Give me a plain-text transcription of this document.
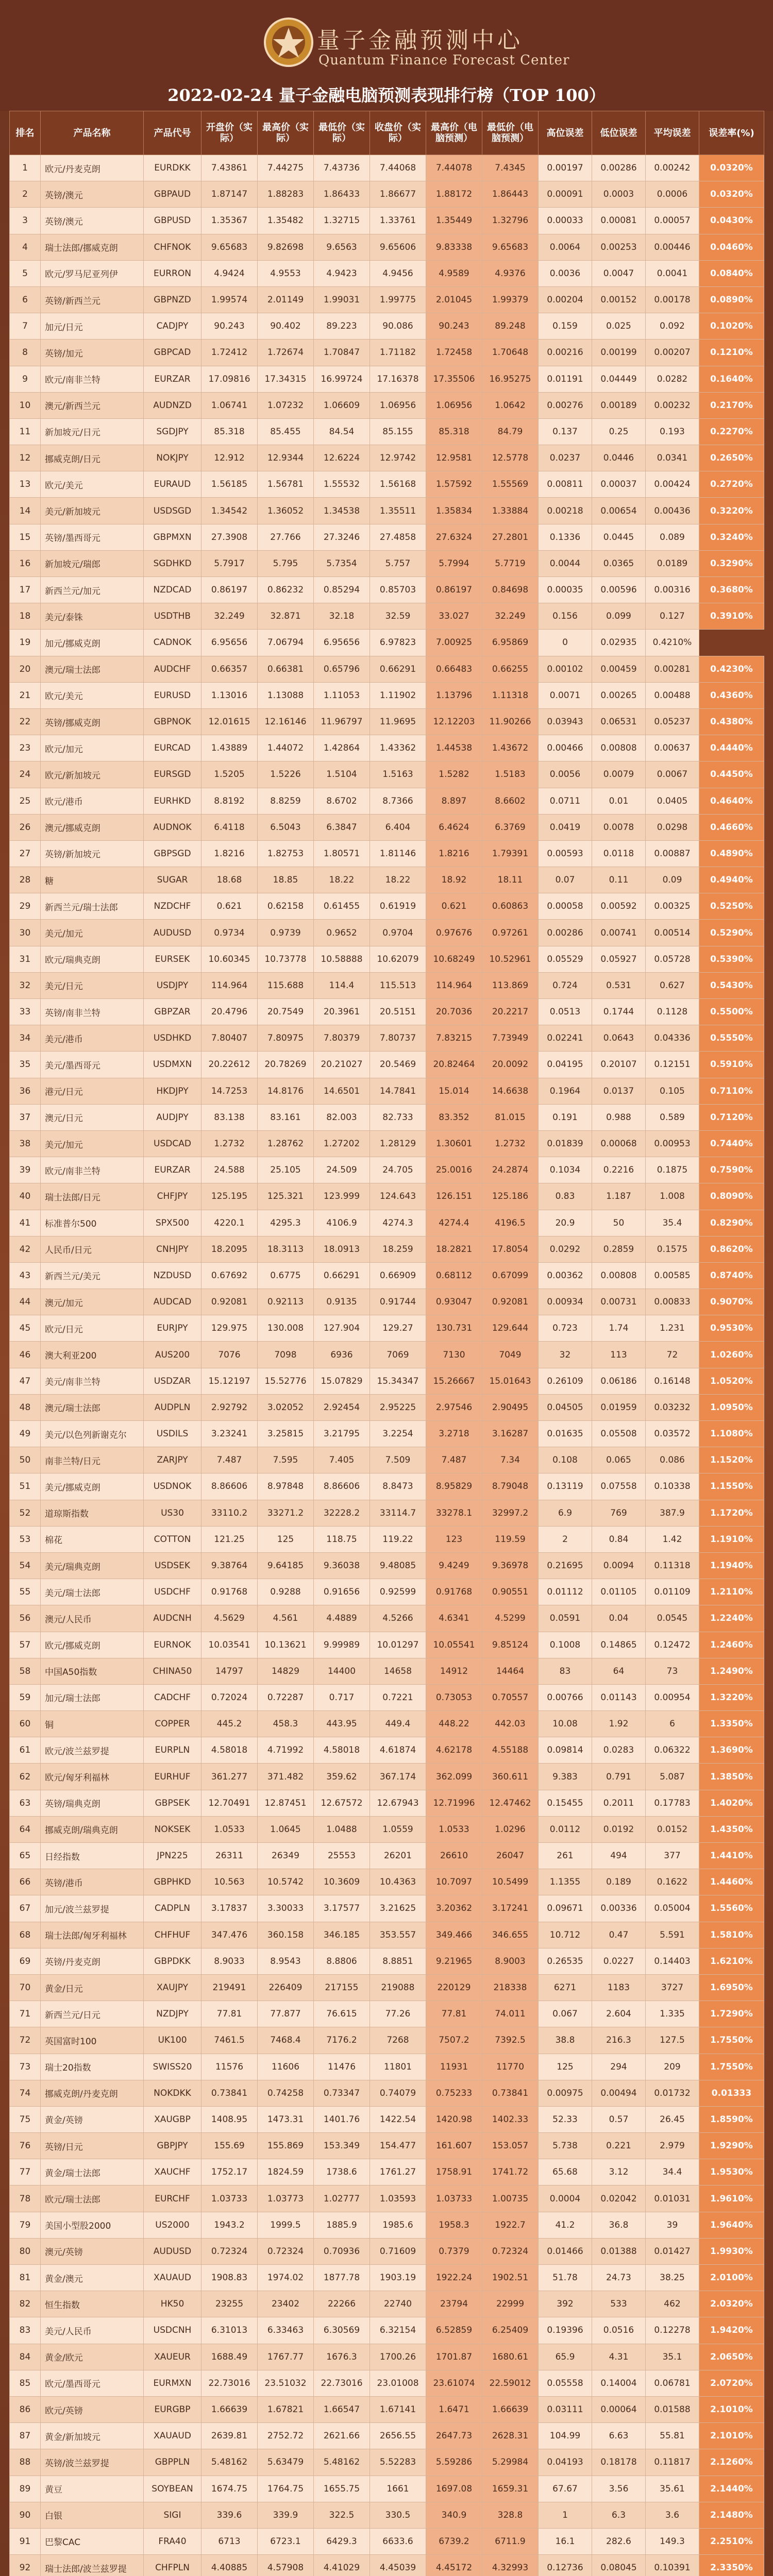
量子金融预测中心
Quantum Finance Forecast Center
2022-02-24 量子金融电脑预测表现排行榜（TOP 100）
排名	产品名称	产品代号	开盘价（实际）	最高价（实际）	最低价（实际）	收盘价（实际）	最高价（电脑预测）	最低价（电脑预测）	高位误差	低位误差	平均误差	误差率(%)
1	欧元/丹麦克朗	EURDKK	7.43861	7.44275	7.43736	7.44068	7.44078	7.4345	0.00197	0.00286	0.00242	0.0320%
2	英镑/澳元	GBPAUD	1.87147	1.88283	1.86433	1.86677	1.88172	1.86443	0.00091	0.0003	0.0006	0.0320%
3	英镑/澳元	GBPUSD	1.35367	1.35482	1.32715	1.33761	1.35449	1.32796	0.00033	0.00081	0.00057	0.0430%
4	瑞士法郎/挪威克朗	CHFNOK	9.65683	9.82698	9.6563	9.65606	9.83338	9.65683	0.0064	0.00253	0.00446	0.0460%
5	欧元/罗马尼亚列伊	EURRON	4.9424	4.9553	4.9423	4.9456	4.9589	4.9376	0.0036	0.0047	0.0041	0.0840%
6	英镑/新西兰元	GBPNZD	1.99574	2.01149	1.99031	1.99775	2.01045	1.99379	0.00204	0.00152	0.00178	0.0890%
7	加元/日元	CADJPY	90.243	90.402	89.223	90.086	90.243	89.248	0.159	0.025	0.092	0.1020%
8	英镑/加元	GBPCAD	1.72412	1.72674	1.70847	1.71182	1.72458	1.70648	0.00216	0.00199	0.00207	0.1210%
9	欧元/南非兰特	EURZAR	17.09816	17.34315	16.99724	17.16378	17.35506	16.95275	0.01191	0.04449	0.0282	0.1640%
10	澳元/新西兰元	AUDNZD	1.06741	1.07232	1.06609	1.06956	1.06956	1.0642	0.00276	0.00189	0.00232	0.2170%
11	新加坡元/日元	SGDJPY	85.318	85.455	84.54	85.155	85.318	84.79	0.137	0.25	0.193	0.2270%
12	挪威克朗/日元	NOKJPY	12.912	12.9344	12.6224	12.9742	12.9581	12.5778	0.0237	0.0446	0.0341	0.2650%
13	欧元/美元	EURAUD	1.56185	1.56781	1.55532	1.56168	1.57592	1.55569	0.00811	0.00037	0.00424	0.2720%
14	美元/新加坡元	USDSGD	1.34542	1.36052	1.34538	1.35511	1.35834	1.33884	0.00218	0.00654	0.00436	0.3220%
15	英镑/墨西哥元	GBPMXN	27.3908	27.766	27.3246	27.4858	27.6324	27.2801	0.1336	0.0445	0.089	0.3240%
16	新加坡元/瑞郎	SGDHKD	5.7917	5.795	5.7354	5.757	5.7994	5.7719	0.0044	0.0365	0.0189	0.3290%
17	新西兰元/加元	NZDCAD	0.86197	0.86232	0.85294	0.85703	0.86197	0.84698	0.00035	0.00596	0.00316	0.3680%
18	美元/泰铢	USDTHB	32.249	32.871	32.18	32.59	33.027	32.249	0.156	0.099	0.127	0.3910%
19	加元/挪威克朗	CADNOK	6.95656	7.06794	6.95656	6.97823	7.00925	6.95869	0	0.02935	0.4210%	
20	澳元/瑞士法郎	AUDCHF	0.66357	0.66381	0.65796	0.66291	0.66483	0.66255	0.00102	0.00459	0.00281	0.4230%
21	欧元/美元	EURUSD	1.13016	1.13088	1.11053	1.11902	1.13796	1.11318	0.0071	0.00265	0.00488	0.4360%
22	英镑/挪威克朗	GBPNOK	12.01615	12.16146	11.96797	11.9695	12.12203	11.90266	0.03943	0.06531	0.05237	0.4380%
23	欧元/加元	EURCAD	1.43889	1.44072	1.42864	1.43362	1.44538	1.43672	0.00466	0.00808	0.00637	0.4440%
24	欧元/新加坡元	EURSGD	1.5205	1.5226	1.5104	1.5163	1.5282	1.5183	0.0056	0.0079	0.0067	0.4450%
25	欧元/港币	EURHKD	8.8192	8.8259	8.6702	8.7366	8.897	8.6602	0.0711	0.01	0.0405	0.4640%
26	澳元/挪威克朗	AUDNOK	6.4118	6.5043	6.3847	6.404	6.4624	6.3769	0.0419	0.0078	0.0298	0.4660%
27	英镑/新加坡元	GBPSGD	1.8216	1.82753	1.80571	1.81146	1.8216	1.79391	0.00593	0.0118	0.00887	0.4890%
28	糖	SUGAR	18.68	18.85	18.22	18.22	18.92	18.11	0.07	0.11	0.09	0.4940%
29	新西兰元/瑞士法郎	NZDCHF	0.621	0.62158	0.61455	0.61919	0.621	0.60863	0.00058	0.00592	0.00325	0.5250%
30	美元/加元	AUDUSD	0.9734	0.9739	0.9652	0.9704	0.97676	0.97261	0.00286	0.00741	0.00514	0.5290%
31	欧元/瑞典克朗	EURSEK	10.60345	10.73778	10.58888	10.62079	10.68249	10.52961	0.05529	0.05927	0.05728	0.5390%
32	美元/日元	USDJPY	114.964	115.688	114.4	115.513	114.964	113.869	0.724	0.531	0.627	0.5430%
33	英镑/南非兰特	GBPZAR	20.4796	20.7549	20.3961	20.5151	20.7036	20.2217	0.0513	0.1744	0.1128	0.5500%
34	美元/港币	USDHKD	7.80407	7.80975	7.80379	7.80737	7.83215	7.73949	0.02241	0.0643	0.04336	0.5550%
35	美元/墨西哥元	USDMXN	20.22612	20.78269	20.21027	20.5469	20.82464	20.0092	0.04195	0.20107	0.12151	0.5910%
36	港元/日元	HKDJPY	14.7253	14.8176	14.6501	14.7841	15.014	14.6638	0.1964	0.0137	0.105	0.7110%
37	澳元/日元	AUDJPY	83.138	83.161	82.003	82.733	83.352	81.015	0.191	0.988	0.589	0.7120%
38	美元/加元	USDCAD	1.2732	1.28762	1.27202	1.28129	1.30601	1.2732	0.01839	0.00068	0.00953	0.7440%
39	欧元/南非兰特	EURZAR	24.588	25.105	24.509	24.705	25.0016	24.2874	0.1034	0.2216	0.1875	0.7590%
40	瑞士法郎/日元	CHFJPY	125.195	125.321	123.999	124.643	126.151	125.186	0.83	1.187	1.008	0.8090%
41	标准普尔500	SPX500	4220.1	4295.3	4106.9	4274.3	4274.4	4196.5	20.9	50	35.4	0.8290%
42	人民币/日元	CNHJPY	18.2095	18.3113	18.0913	18.259	18.2821	17.8054	0.0292	0.2859	0.1575	0.8620%
43	新西兰元/美元	NZDUSD	0.67692	0.6775	0.66291	0.66909	0.68112	0.67099	0.00362	0.00808	0.00585	0.8740%
44	澳元/加元	AUDCAD	0.92081	0.92113	0.9135	0.91744	0.93047	0.92081	0.00934	0.00731	0.00833	0.9070%
45	欧元/日元	EURJPY	129.975	130.008	127.904	129.27	130.731	129.644	0.723	1.74	1.231	0.9530%
46	澳大利亚200	AUS200	7076	7098	6936	7069	7130	7049	32	113	72	1.0260%
47	美元/南非兰特	USDZAR	15.12197	15.52776	15.07829	15.34347	15.26667	15.01643	0.26109	0.06186	0.16148	1.0520%
48	澳元/瑞士法郎	AUDPLN	2.92792	3.02052	2.92454	2.95225	2.97546	2.90495	0.04505	0.01959	0.03232	1.0950%
49	美元/以色列新谢克尔	USDILS	3.23241	3.25815	3.21795	3.2254	3.2718	3.16287	0.01635	0.05508	0.03572	1.1080%
50	南非兰特/日元	ZARJPY	7.487	7.595	7.405	7.509	7.487	7.34	0.108	0.065	0.086	1.1520%
51	美元/挪威克朗	USDNOK	8.86606	8.97848	8.86606	8.8473	8.95829	8.79048	0.13119	0.07558	0.10338	1.1550%
52	道琼斯指数	US30	33110.2	33271.2	32228.2	33114.7	33278.1	32997.2	6.9	769	387.9	1.1720%
53	棉花	COTTON	121.25	125	118.75	119.22	123	119.59	2	0.84	1.42	1.1910%
54	美元/瑞典克朗	USDSEK	9.38764	9.64185	9.36038	9.48085	9.4249	9.36978	0.21695	0.0094	0.11318	1.1940%
55	美元/瑞士法郎	USDCHF	0.91768	0.9288	0.91656	0.92599	0.91768	0.90551	0.01112	0.01105	0.01109	1.2110%
56	澳元/人民币	AUDCNH	4.5629	4.561	4.4889	4.5266	4.6341	4.5299	0.0591	0.04	0.0545	1.2240%
57	欧元/挪威克朗	EURNOK	10.03541	10.13621	9.99989	10.01297	10.05541	9.85124	0.1008	0.14865	0.12472	1.2460%
58	中国A50指数	CHINA50	14797	14829	14400	14658	14912	14464	83	64	73	1.2490%
59	加元/瑞士法郎	CADCHF	0.72024	0.72287	0.717	0.7221	0.73053	0.70557	0.00766	0.01143	0.00954	1.3220%
60	铜	COPPER	445.2	458.3	443.95	449.4	448.22	442.03	10.08	1.92	6	1.3350%
61	欧元/波兰兹罗提	EURPLN	4.58018	4.71992	4.58018	4.61874	4.62178	4.55188	0.09814	0.0283	0.06322	1.3690%
62	欧元/匈牙利福林	EURHUF	361.277	371.482	359.62	367.174	362.099	360.611	9.383	0.791	5.087	1.3850%
63	英镑/瑞典克朗	GBPSEK	12.70491	12.87451	12.67572	12.67943	12.71996	12.47462	0.15455	0.2011	0.17783	1.4020%
64	挪威克朗/瑞典克朗	NOKSEK	1.0533	1.0645	1.0488	1.0559	1.0533	1.0296	0.0112	0.0192	0.0152	1.4350%
65	日经指数	JPN225	26311	26349	25553	26201	26610	26047	261	494	377	1.4410%
66	英镑/港币	GBPHKD	10.563	10.5742	10.3609	10.4363	10.7097	10.5499	1.1355	0.189	0.1622	1.4460%
67	加元/波兰兹罗提	CADPLN	3.17837	3.30033	3.17577	3.21625	3.20362	3.17241	0.09671	0.00336	0.05004	1.5560%
68	瑞士法郎/匈牙利福林	CHFHUF	347.476	360.158	346.185	353.557	349.466	346.655	10.712	0.47	5.591	1.5810%
69	英镑/丹麦克朗	GBPDKK	8.9033	8.9543	8.8806	8.8851	9.21965	8.9003	0.26535	0.0227	0.14403	1.6210%
70	黄金/日元	XAUJPY	219491	226409	217155	219088	220129	218338	6271	1183	3727	1.6950%
71	新西兰元/日元	NZDJPY	77.81	77.877	76.615	77.26	77.81	74.011	0.067	2.604	1.335	1.7290%
72	英国富时100	UK100	7461.5	7468.4	7176.2	7268	7507.2	7392.5	38.8	216.3	127.5	1.7550%
73	瑞士20指数	SWISS20	11576	11606	11476	11801	11931	11770	125	294	209	1.7550%
74	挪威克朗/丹麦克朗	NOKDKK	0.73841	0.74258	0.73347	0.74079	0.75233	0.73841	0.00975	0.00494	0.01732	0.01333
75	黄金/英镑	XAUGBP	1408.95	1473.31	1401.76	1422.54	1420.98	1402.33	52.33	0.57	26.45	1.8590%
76	英镑/日元	GBPJPY	155.69	155.869	153.349	154.477	161.607	153.057	5.738	0.221	2.979	1.9290%
77	黄金/瑞士法郎	XAUCHF	1752.17	1824.59	1738.6	1761.27	1758.91	1741.72	65.68	3.12	34.4	1.9530%
78	欧元/瑞士法郎	EURCHF	1.03733	1.03773	1.02777	1.03593	1.03733	1.00735	0.0004	0.02042	0.01031	1.9610%
79	美国小型股2000	US2000	1943.2	1999.5	1885.9	1985.6	1958.3	1922.7	41.2	36.8	39	1.9640%
80	澳元/英镑	AUDUSD	0.72324	0.72324	0.70936	0.71609	0.7379	0.72324	0.01466	0.01388	0.01427	1.9930%
81	黄金/澳元	XAUAUD	1908.83	1974.02	1877.78	1903.19	1922.24	1902.51	51.78	24.73	38.25	2.0100%
82	恒生指数	HK50	23255	23402	22266	22740	23794	22999	392	533	462	2.0320%
83	美元/人民币	USDCNH	6.31013	6.33463	6.30569	6.32154	6.52859	6.25409	0.19396	0.0516	0.12278	1.9420%
84	黄金/欧元	XAUEUR	1688.49	1767.77	1676.3	1700.26	1701.87	1680.61	65.9	4.31	35.1	2.0650%
85	欧元/墨西哥元	EURMXN	22.73016	23.51032	22.73016	23.01008	23.61074	22.59012	0.05558	0.14004	0.06781	2.0720%
86	欧元/英镑	EURGBP	1.66639	1.67821	1.66547	1.67141	1.6471	1.66639	0.03111	0.00064	0.01588	2.1010%
87	黄金/新加坡元	XAUAUD	2639.81	2752.72	2621.66	2656.55	2647.73	2628.31	104.99	6.63	55.81	2.1010%
88	英镑/波兰兹罗提	GBPPLN	5.48162	5.63479	5.48162	5.52283	5.59286	5.29984	0.04193	0.18178	0.11817	2.1260%
89	黄豆	SOYBEAN	1674.75	1764.75	1655.75	1661	1697.08	1659.31	67.67	3.56	35.61	2.1440%
90	白银	SIGI	339.6	339.9	322.5	330.5	340.9	328.8	1	6.3	3.6	2.1480%
91	巴黎CAC	FRA40	6713	6723.1	6429.3	6633.6	6739.2	6711.9	16.1	282.6	149.3	2.2510%
92	瑞士法郎/波兰兹罗提	CHFPLN	4.40885	4.57908	4.41029	4.45039	4.45172	4.32993	0.12736	0.08045	0.10391	2.3350%
